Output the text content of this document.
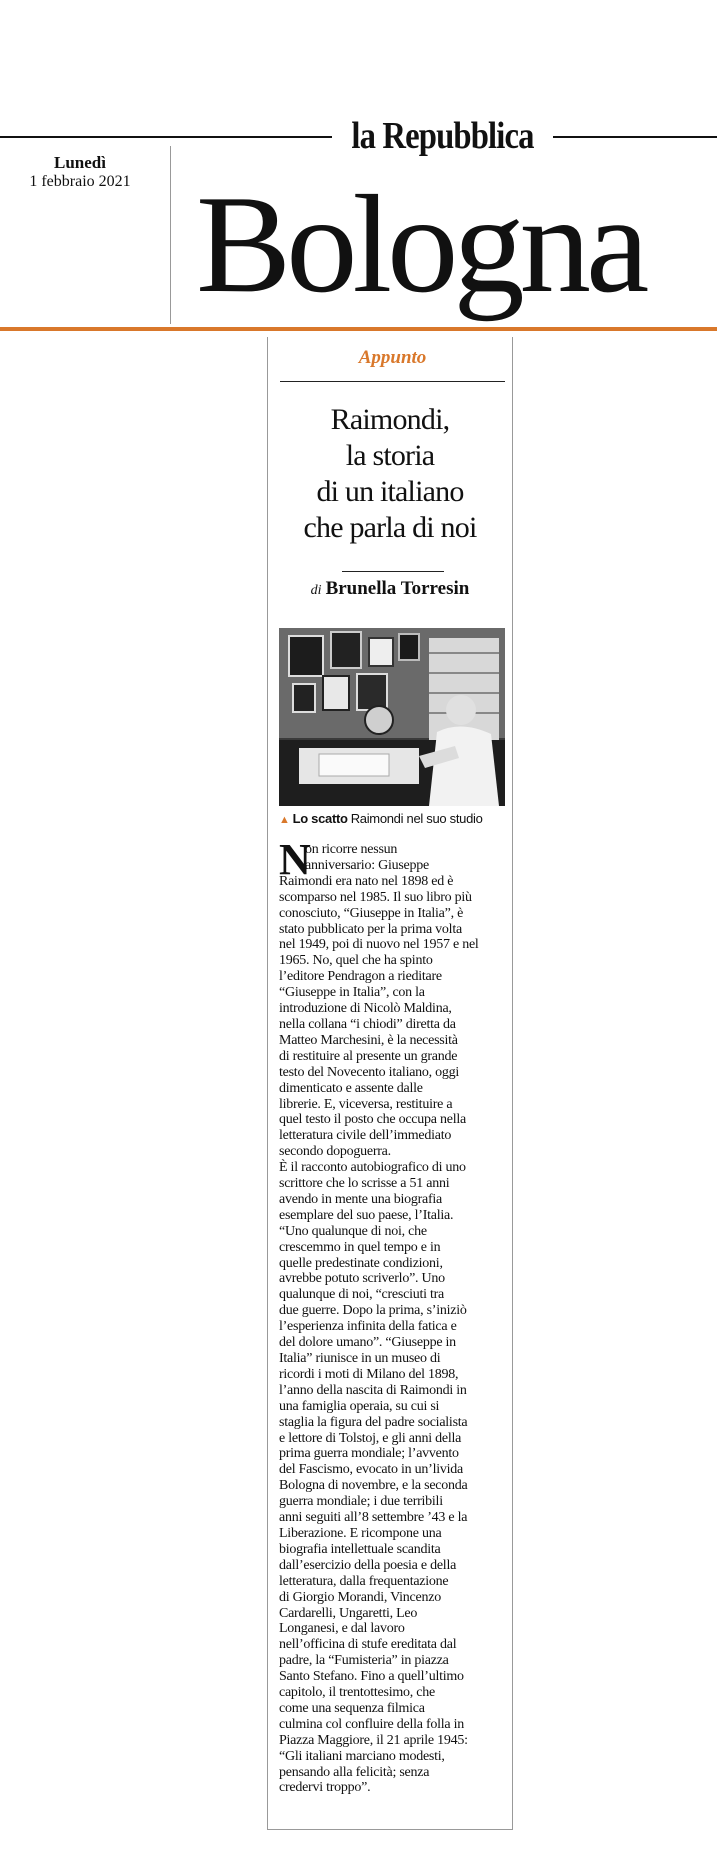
la Repubblica
Lunedì
1 febbraio 2021 Bologna
Appunto
Raimondi,
la storia
di un italiano
che parla di noi
di Brunella Torresin
▲ Lo scatto Raimondi nel suo studio
N
on ricorre nessun
anniversario: Giuseppe
Raimondi era nato nel 1898 ed è
scomparso nel 1985. Il suo libro più
conosciuto, “Giuseppe in Italia”, è
stato pubblicato per la prima volta
nel 1949, poi di nuovo nel 1957 e nel
1965. No, quel che ha spinto
l’editore Pendragon a rieditare
“Giuseppe in Italia”, con la
introduzione di Nicolò Maldina,
nella collana “i chiodi” diretta da
Matteo Marchesini, è la necessità
di restituire al presente un grande
testo del Novecento italiano, oggi
dimenticato e assente dalle
librerie. E, viceversa, restituire a
quel testo il posto che occupa nella
letteratura civile dell’immediato
secondo dopoguerra.
È il racconto autobiografico di uno
scrittore che lo scrisse a 51 anni
avendo in mente una biografia
esemplare del suo paese, l’Italia.
“Uno qualunque di noi, che
crescemmo in quel tempo e in
quelle predestinate condizioni,
avrebbe potuto scriverlo”. Uno
qualunque di noi, “cresciuti tra
due guerre. Dopo la prima, s’iniziò
l’esperienza infinita della fatica e
del dolore umano”. “Giuseppe in
Italia” riunisce in un museo di
ricordi i moti di Milano del 1898,
l’anno della nascita di Raimondi in
una famiglia operaia, su cui si
staglia la figura del padre socialista
e lettore di Tolstoj, e gli anni della
prima guerra mondiale; l’avvento
del Fascismo, evocato in un’livida
Bologna di novembre, e la seconda
guerra mondiale; i due terribili
anni seguiti all’8 settembre ’43 e la
Liberazione. E ricompone una
biografia intellettuale scandita
dall’esercizio della poesia e della
letteratura, dalla frequentazione
di Giorgio Morandi, Vincenzo
Cardarelli, Ungaretti, Leo
Longanesi, e dal lavoro
nell’officina di stufe ereditata dal
padre, la “Fumisteria” in piazza
Santo Stefano. Fino a quell’ultimo
capitolo, il trentottesimo, che
come una sequenza filmica
culmina col confluire della folla in
Piazza Maggiore, il 21 aprile 1945:
“Gli italiani marciano modesti,
pensando alla felicità; senza
credervi troppo”.
